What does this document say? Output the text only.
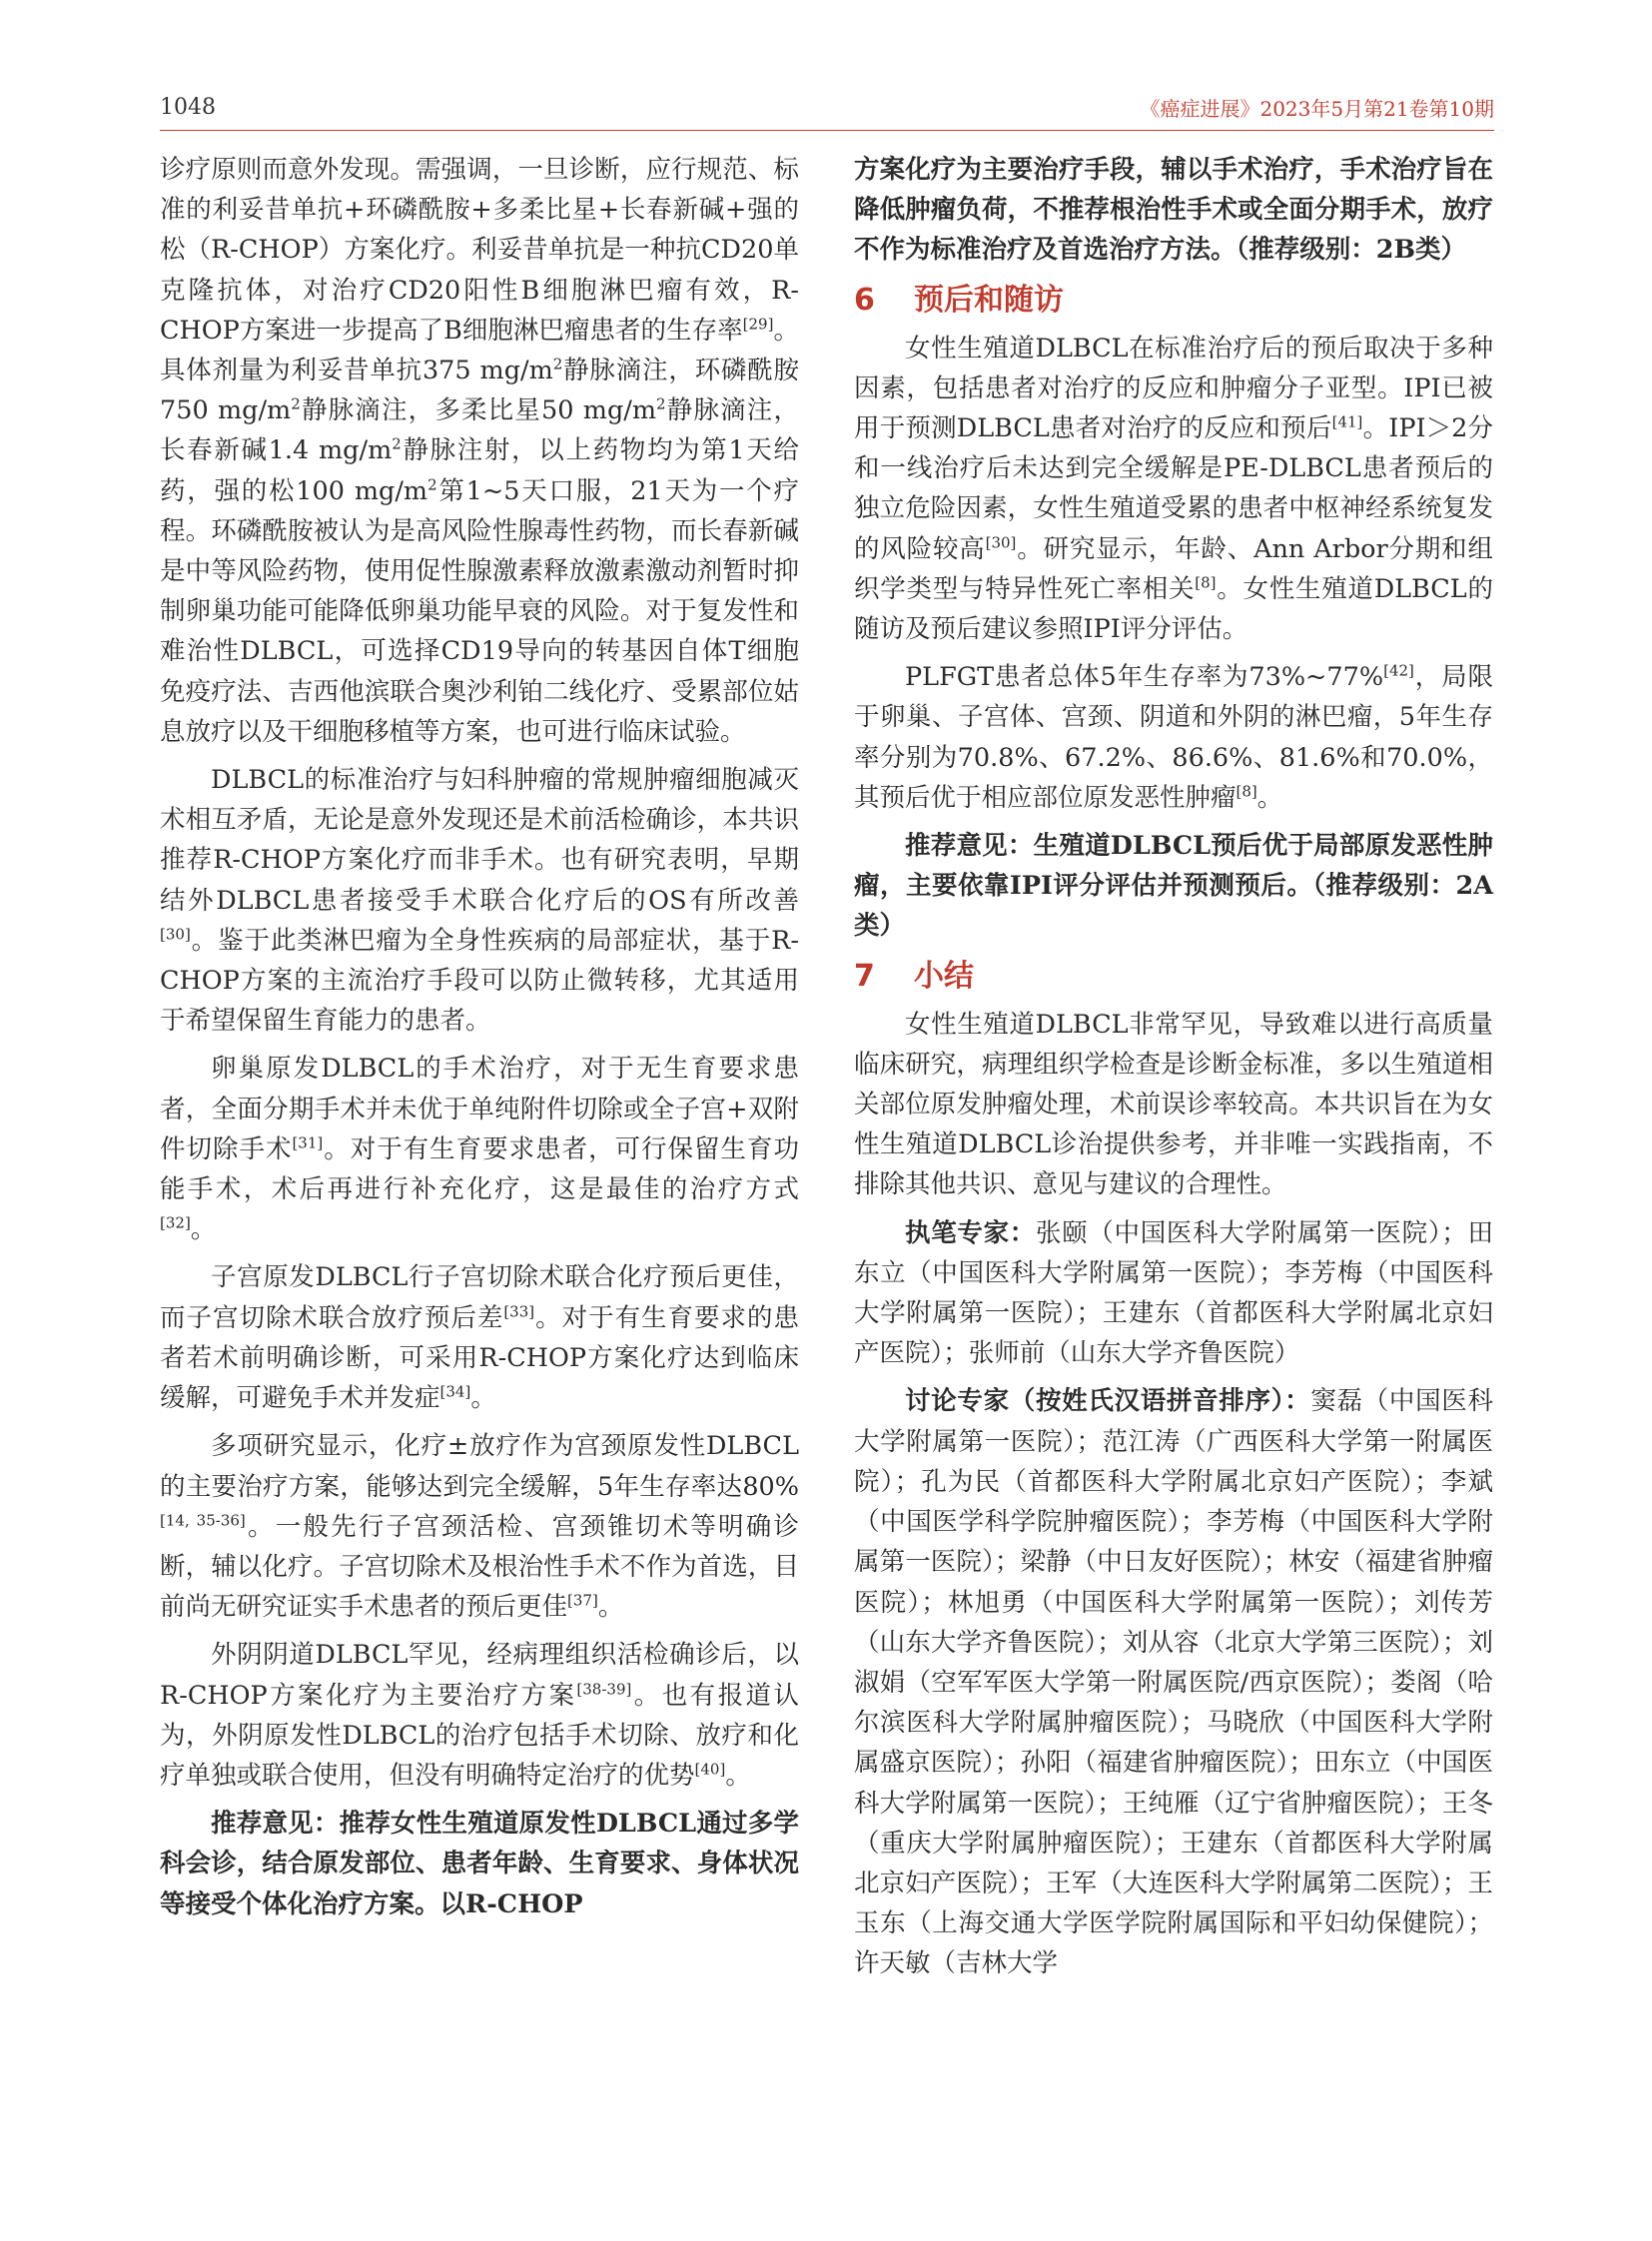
1048	《癌症进展》2023年5月第21卷第10期

诊疗原则而意外发现。需强调，一旦诊断，应行规范、标准的利妥昔单抗+环磷酰胺+多柔比星+长春新碱+强的松（R-CHOP）方案化疗。利妥昔单抗是一种抗CD20单克隆抗体，对治疗CD20阳性B细胞淋巴瘤有效，R-CHOP方案进一步提高了B细胞淋巴瘤患者的生存率[29]。具体剂量为利妥昔单抗375 $mg/m^2$静脉滴注，环磷酰胺750 $mg/m^2$静脉滴注，多柔比星50 $mg/m^2$静脉滴注，长春新碱1.4 $mg/m^2$静脉注射，以上药物均为第1天给药，强的松100 $mg/m^2$第1~5天口服，21天为一个疗程。环磷酰胺被认为是高风险性腺毒性药物，而长春新碱是中等风险药物，使用促性腺激素释放激素激动剂暂时抑制卵巢功能可能降低卵巢功能早衰的风险。对于复发性和难治性DLBCL，可选择CD19导向的转基因自体T细胞免疫疗法、吉西他滨联合奥沙利铂二线化疗、受累部位姑息放疗以及干细胞移植等方案，也可进行临床试验。

DLBCL的标准治疗与妇科肿瘤的常规肿瘤细胞减灭术相互矛盾，无论是意外发现还是术前活检确诊，本共识推荐R-CHOP方案化疗而非手术。也有研究表明，早期结外DLBCL患者接受手术联合化疗后的OS有所改善[30]。鉴于此类淋巴瘤为全身性疾病的局部症状，基于R-CHOP方案的主流治疗手段可以防止微转移，尤其适用于希望保留生育能力的患者。

卵巢原发DLBCL的手术治疗，对于无生育要求患者，全面分期手术并未优于单纯附件切除或全子宫+双附件切除手术[31]。对于有生育要求患者，可行保留生育功能手术，术后再进行补充化疗，这是最佳的治疗方式[32]。

子宫原发DLBCL行子宫切除术联合化疗预后更佳，而子宫切除术联合放疗预后差[33]。对于有生育要求的患者若术前明确诊断，可采用R-CHOP方案化疗达到临床缓解，可避免手术并发症[34]。

多项研究显示，化疗±放疗作为宫颈原发性DLBCL的主要治疗方案，能够达到完全缓解，5年生存率达80%[14, 35-36]。一般先行子宫颈活检、宫颈锥切术等明确诊断，辅以化疗。子宫切除术及根治性手术不作为首选，目前尚无研究证实手术患者的预后更佳[37]。

外阴阴道DLBCL罕见，经病理组织活检确诊后，以R-CHOP方案化疗为主要治疗方案[38-39]。也有报道认为，外阴原发性DLBCL的治疗包括手术切除、放疗和化疗单独或联合使用，但没有明确特定治疗的优势[40]。

推荐意见：推荐女性生殖道原发性DLBCL通过多学科会诊，结合原发部位、患者年龄、生育要求、身体状况等接受个体化治疗方案。以R-CHOP

方案化疗为主要治疗手段，辅以手术治疗，手术治疗旨在降低肿瘤负荷，不推荐根治性手术或全面分期手术，放疗不作为标准治疗及首选治疗方法。（推荐级别：2B类）

6 预后和随访

女性生殖道DLBCL在标准治疗后的预后取决于多种因素，包括患者对治疗的反应和肿瘤分子亚型。IPI已被用于预测DLBCL患者对治疗的反应和预后[41]。IPI＞2分和一线治疗后未达到完全缓解是PE-DLBCL患者预后的独立危险因素，女性生殖道受累的患者中枢神经系统复发的风险较高[30]。研究显示，年龄、Ann Arbor分期和组织学类型与特异性死亡率相关[8]。女性生殖道DLBCL的随访及预后建议参照IPI评分评估。

PLFGT患者总体5年生存率为73%~77%[42]，局限于卵巢、子宫体、宫颈、阴道和外阴的淋巴瘤，5年生存率分别为70.8%、67.2%、86.6%、81.6%和70.0%，其预后优于相应部位原发恶性肿瘤[8]。

推荐意见：生殖道DLBCL预后优于局部原发恶性肿瘤，主要依靠IPI评分评估并预测预后。（推荐级别：2A类）

7 小结

女性生殖道DLBCL非常罕见，导致难以进行高质量临床研究，病理组织学检查是诊断金标准，多以生殖道相关部位原发肿瘤处理，术前误诊率较高。本共识旨在为女性生殖道DLBCL诊治提供参考，并非唯一实践指南，不排除其他共识、意见与建议的合理性。

执笔专家：张颐（中国医科大学附属第一医院）；田东立（中国医科大学附属第一医院）；李芳梅（中国医科大学附属第一医院）；王建东（首都医科大学附属北京妇产医院）；张师前（山东大学齐鲁医院）

讨论专家（按姓氏汉语拼音排序）：窦磊（中国医科大学附属第一医院）；范江涛（广西医科大学第一附属医院）；孔为民（首都医科大学附属北京妇产医院）；李斌（中国医学科学院肿瘤医院）；李芳梅（中国医科大学附属第一医院）；梁静（中日友好医院）；林安（福建省肿瘤医院）；林旭勇（中国医科大学附属第一医院）；刘传芳（山东大学齐鲁医院）；刘从容（北京大学第三医院）；刘淑娟（空军军医大学第一附属医院/西京医院）；娄阁（哈尔滨医科大学附属肿瘤医院）；马晓欣（中国医科大学附属盛京医院）；孙阳（福建省肿瘤医院）；田东立（中国医科大学附属第一医院）；王纯雁（辽宁省肿瘤医院）；王冬（重庆大学附属肿瘤医院）；王建东（首都医科大学附属北京妇产医院）；王军（大连医科大学附属第二医院）；王玉东（上海交通大学医学院附属国际和平妇幼保健院）；许天敏（吉林大学
